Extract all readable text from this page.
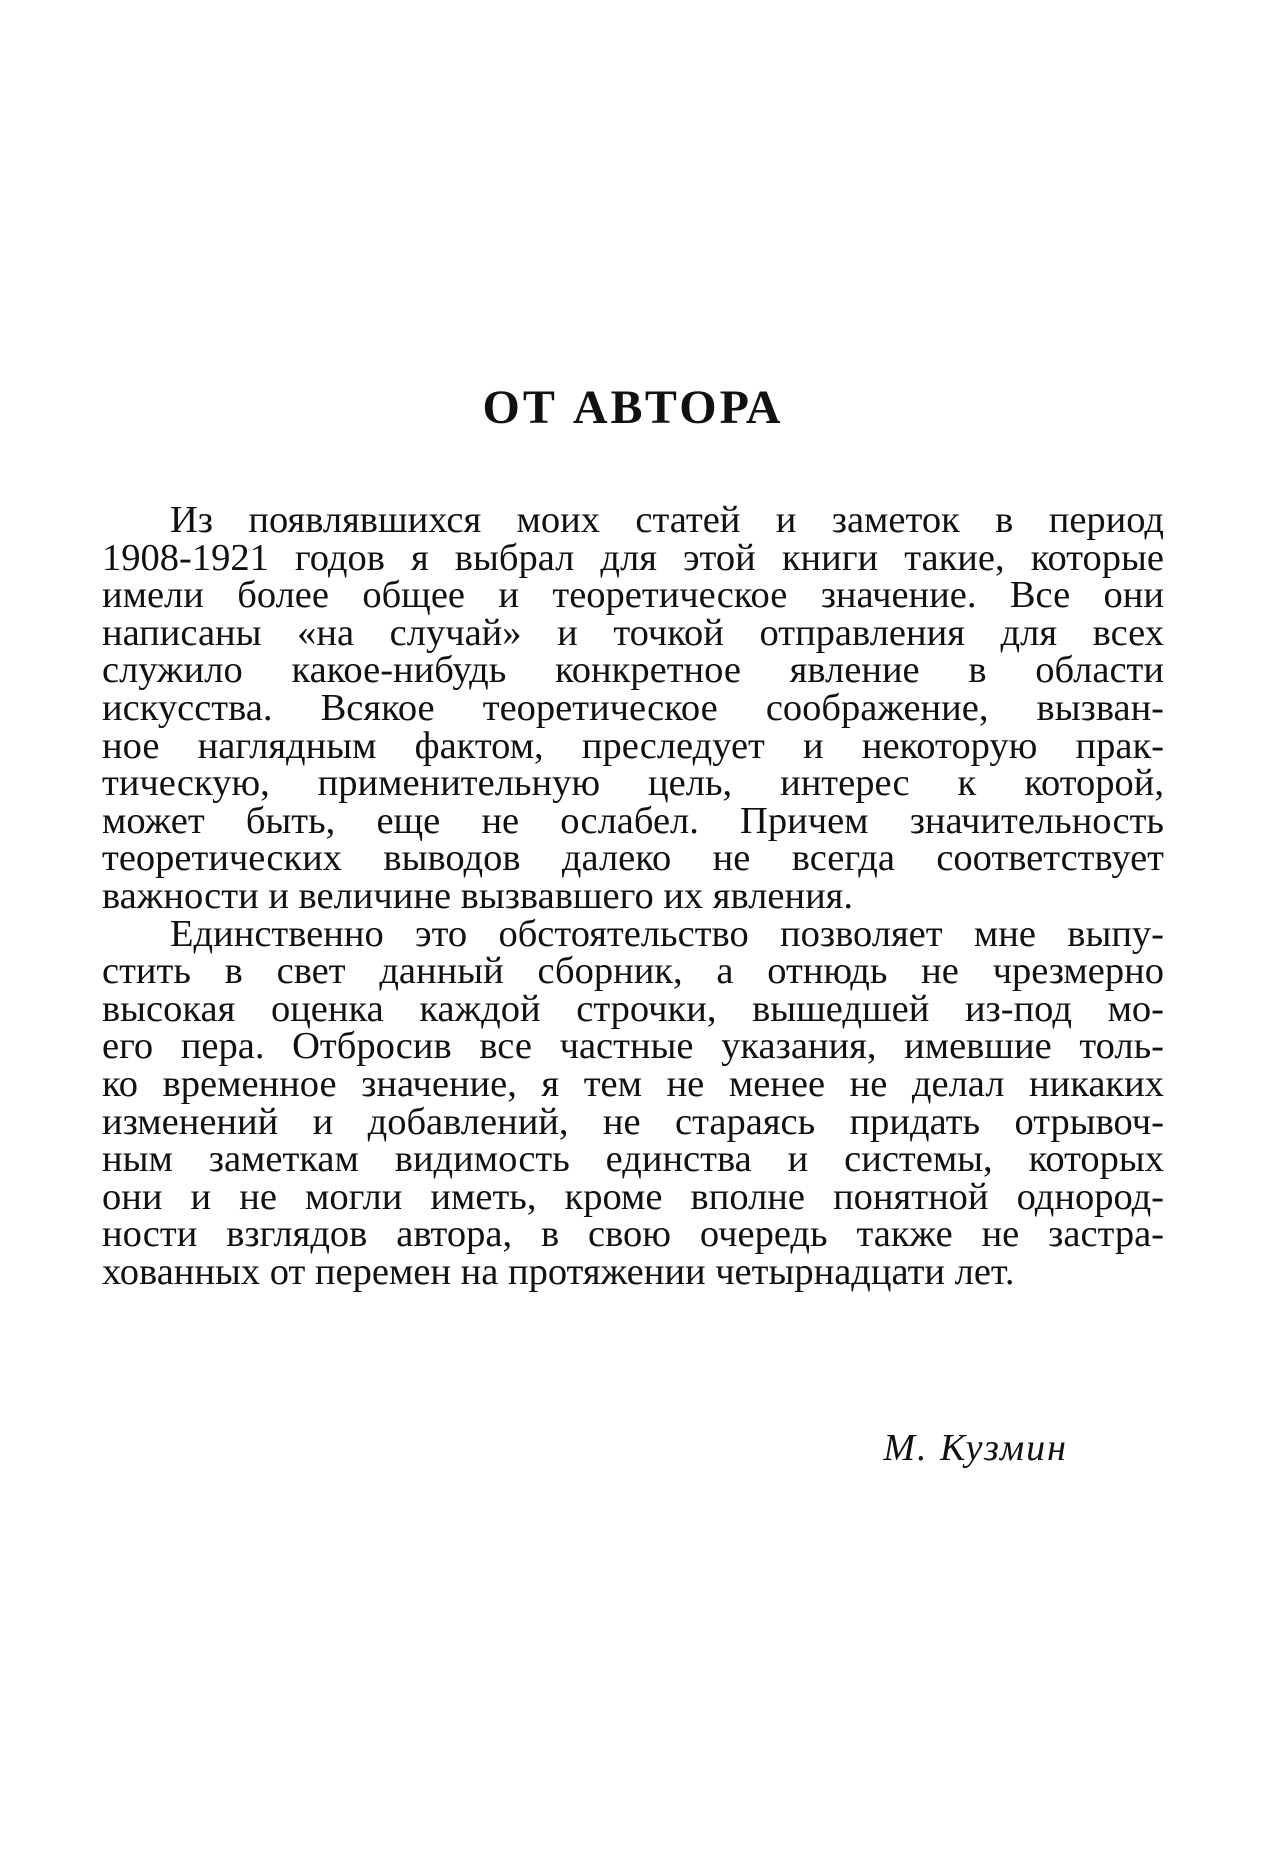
ОТ АВТОРА
Из появлявшихся моих статей и заметок в период
1908-1921 годов я выбрал для этой книги такие, которые
имели более общее и теоретическое значение. Все они
написаны «на случай» и точкой отправления для всех
служило какое-нибудь конкретное явление в области
искусства. Всякое теоретическое соображение, вызван-
ное наглядным фактом, преследует и некоторую прак-
тическую, применительную цель, интерес к которой,
может быть, еще не ослабел. Причем значительность
теоретических выводов далеко не всегда соответствует
важности и величине вызвавшего их явления.
Единственно это обстоятельство позволяет мне выпу-
стить в свет данный сборник, а отнюдь не чрезмерно
высокая оценка каждой строчки, вышедшей из-под мо-
его пера. Отбросив все частные указания, имевшие толь-
ко временное значение, я тем не менее не делал никаких
изменений и добавлений, не стараясь придать отрывоч-
ным заметкам видимость единства и системы, которых
они и не могли иметь, кроме вполне понятной однород-
ности взглядов автора, в свою очередь также не застра-
хованных от перемен на протяжении четырнадцати лет.
М. Кузмин
